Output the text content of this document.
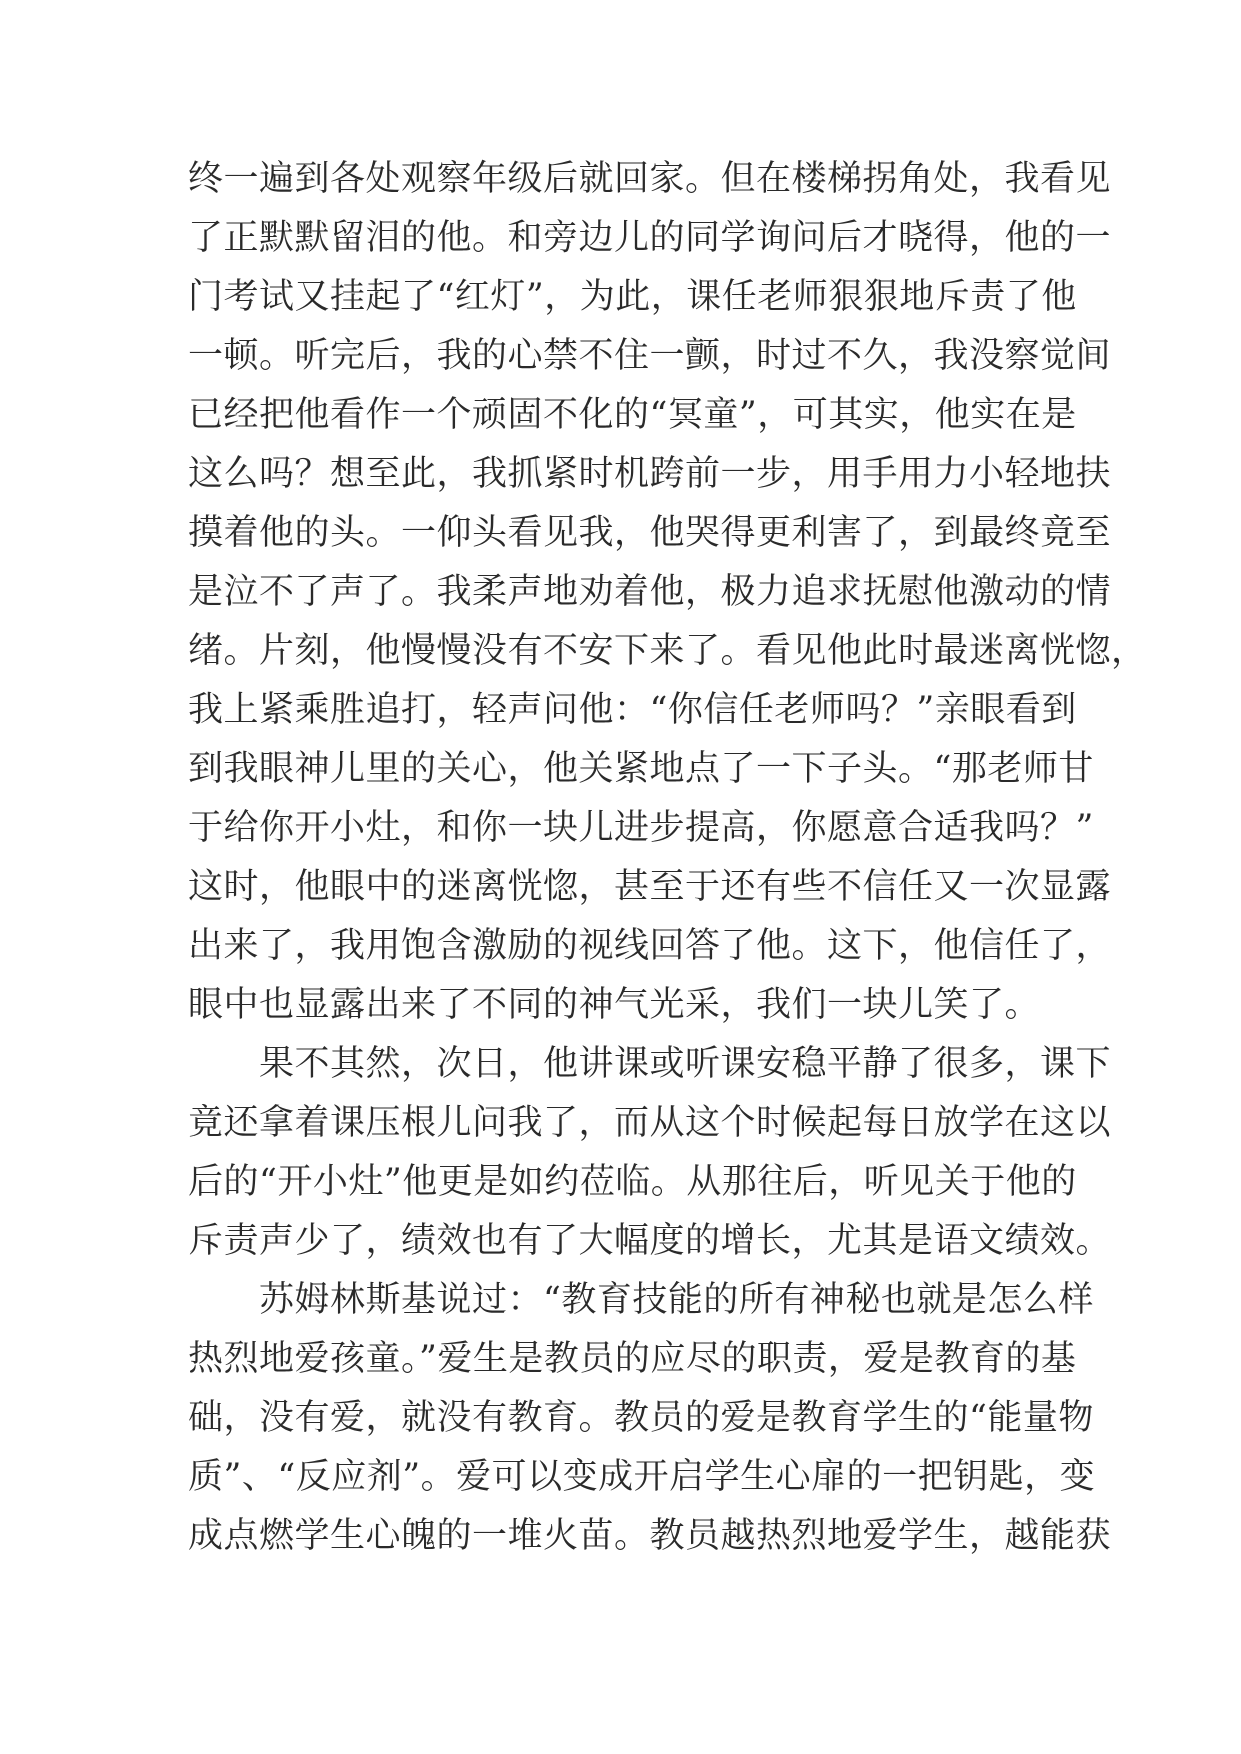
终一遍到各处观察年级后就回家。但在楼梯拐角处，我看见
了正默默留泪的他。和旁边儿的同学询问后才晓得，他的一
门考试又挂起了“红灯”，为此，课任老师狠狠地斥责了他
一顿。听完后，我的心禁不住一颤，时过不久，我没察觉间
已经把他看作一个顽固不化的“冥童”，可其实，他实在是
这么吗？想至此，我抓紧时机跨前一步，用手用力小轻地扶
摸着他的头。一仰头看见我，他哭得更利害了，到最终竟至
是泣不了声了。我柔声地劝着他，极力追求抚慰他激动的情
绪。片刻，他慢慢没有不安下来了。看见他此时最迷离恍惚，
我上紧乘胜追打，轻声问他：“你信任老师吗？”亲眼看到
到我眼神儿里的关心，他关紧地点了一下子头。“那老师甘
于给你开小灶，和你一块儿进步提高，你愿意合适我吗？”
这时，他眼中的迷离恍惚，甚至于还有些不信任又一次显露
出来了，我用饱含激励的视线回答了他。这下，他信任了，
眼中也显露出来了不同的神气光采，我们一块儿笑了。
　　果不其然，次日，他讲课或听课安稳平静了很多，课下
竟还拿着课压根儿问我了，而从这个时候起每日放学在这以
后的“开小灶”他更是如约莅临。从那往后，听见关于他的
斥责声少了，绩效也有了大幅度的增长，尤其是语文绩效。
　　苏姆林斯基说过：“教育技能的所有神秘也就是怎么样
热烈地爱孩童。”爱生是教员的应尽的职责，爱是教育的基
础，没有爱，就没有教育。教员的爱是教育学生的“能量物
质”、“反应剂”。爱可以变成开启学生心扉的一把钥匙，变
成点燃学生心魄的一堆火苗。教员越热烈地爱学生，越能获
